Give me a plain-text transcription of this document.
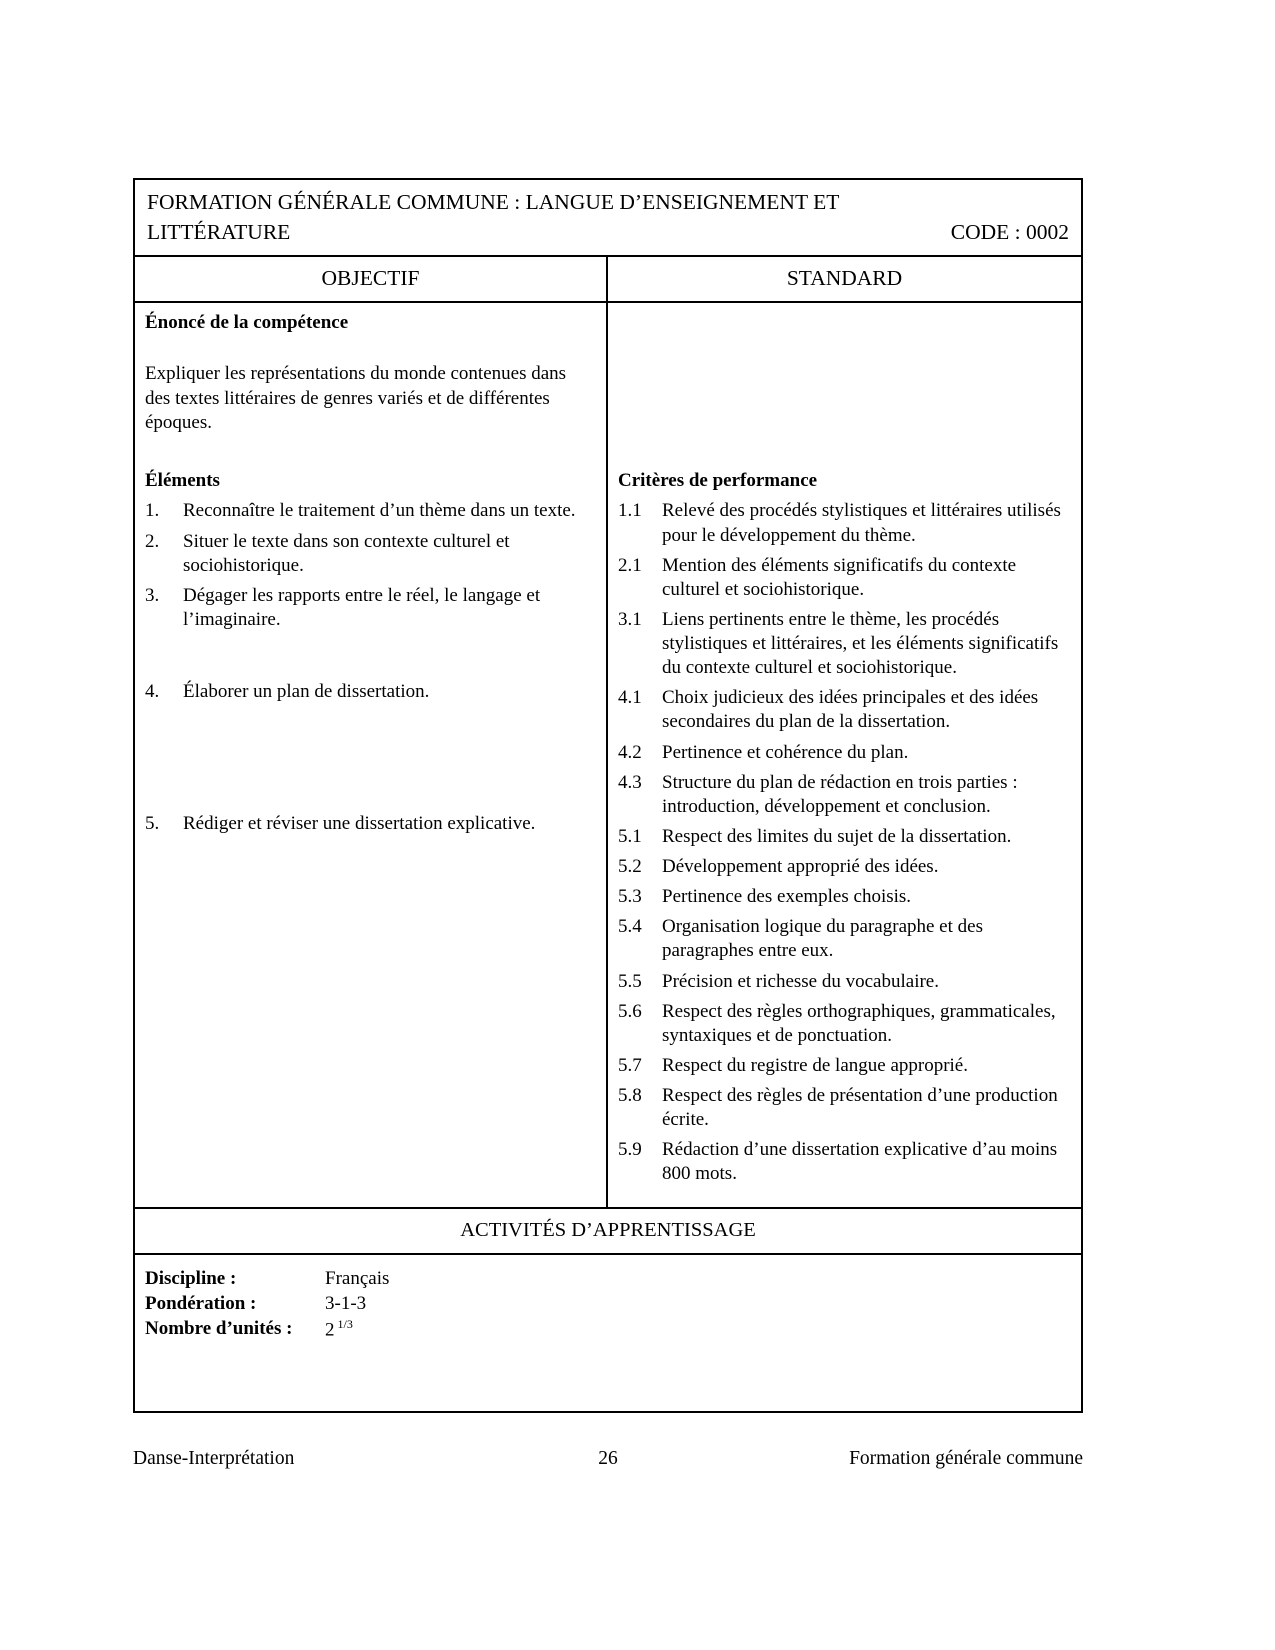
FORMATION GÉNÉRALE COMMUNE : LANGUE D’ENSEIGNEMENT ET
LITTÉRATURE	CODE : 0002
OBJECTIF	STANDARD
Énoncé de la compétence

Expliquer les représentations du monde contenues dans des textes littéraires de genres variés et de différentes époques.

Éléments
1.	Reconnaître le traitement d’un thème dans un texte.
2.	Situer le texte dans son contexte culturel et sociohistorique.
3.	Dégager les rapports entre le réel, le langage et l’imaginaire.
4.	Élaborer un plan de dissertation.
5.	Rédiger et réviser une dissertation explicative.
Critères de performance
1.1	Relevé des procédés stylistiques et littéraires utilisés pour le développement du thème.
2.1	Mention des éléments significatifs du contexte culturel et sociohistorique.
3.1	Liens pertinents entre le thème, les procédés stylistiques et littéraires, et les éléments significatifs du contexte culturel et sociohistorique.
4.1	Choix judicieux des idées principales et des idées secondaires du plan de la dissertation.
4.2	Pertinence et cohérence du plan.
4.3	Structure du plan de rédaction en trois parties : introduction, développement et conclusion.
5.1	Respect des limites du sujet de la dissertation.
5.2	Développement approprié des idées.
5.3	Pertinence des exemples choisis.
5.4	Organisation logique du paragraphe et des paragraphes entre eux.
5.5	Précision et richesse du vocabulaire.
5.6	Respect des règles orthographiques, grammaticales, syntaxiques et de ponctuation.
5.7	Respect du registre de langue approprié.
5.8	Respect des règles de présentation d’une production écrite.
5.9	Rédaction d’une dissertation explicative d’au moins 800 mots.
ACTIVITÉS D’APPRENTISSAGE
Discipline :	Français
Pondération :	3-1-3
Nombre d’unités :	2 $^{1/3}$
Danse-Interprétation	26	Formation générale commune
